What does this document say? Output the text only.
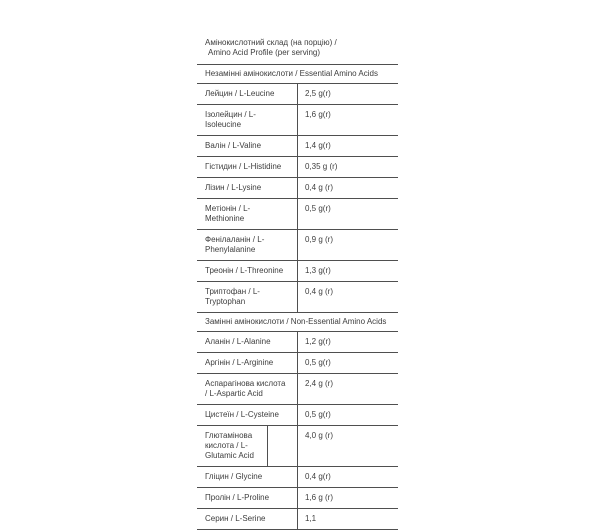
Амінокислотний склад (на порцію) /
Amino Acid Profile (per serving)
Незамінні амінокислоти / Essential Amino Acids	
Лейцин / L-Leucine	2,5 g(r)
Ізолейцин / L-Isoleucine	1,6 g(r)
Валін / L-Valine	1,4 g(r)
Гістидин / L-Histidine	0,35 g (r)
Лізин / L-Lysine	0,4 g (r)
Метіонін / L-Methionine	0,5 g(r)
Фенілаланін / L-Phenylalanine	0,9 g (r)
Треонін / L-Threonine	1,3 g(r)
Триптофан / L-Tryptophan	0,4 g (r)
Замінні амінокислоти / Non-Essential Amino Acids	
Аланін / L-Alanine	1,2 g(r)
Аргінін / L-Arginine	0,5 g(r)
Аспарагінова кислота / L-Aspartic Acid	2,4 g (r)
Цистеїн / L-Cysteine	0,5 g(r)

Глютамінова кислота / L-Glutamic Acid	4,0 g (r)
Гліцин / Glycine	0,4 g(r)
Пролін / L-Proline	1,6 g (r)
Серин / L-Serine	1,1
